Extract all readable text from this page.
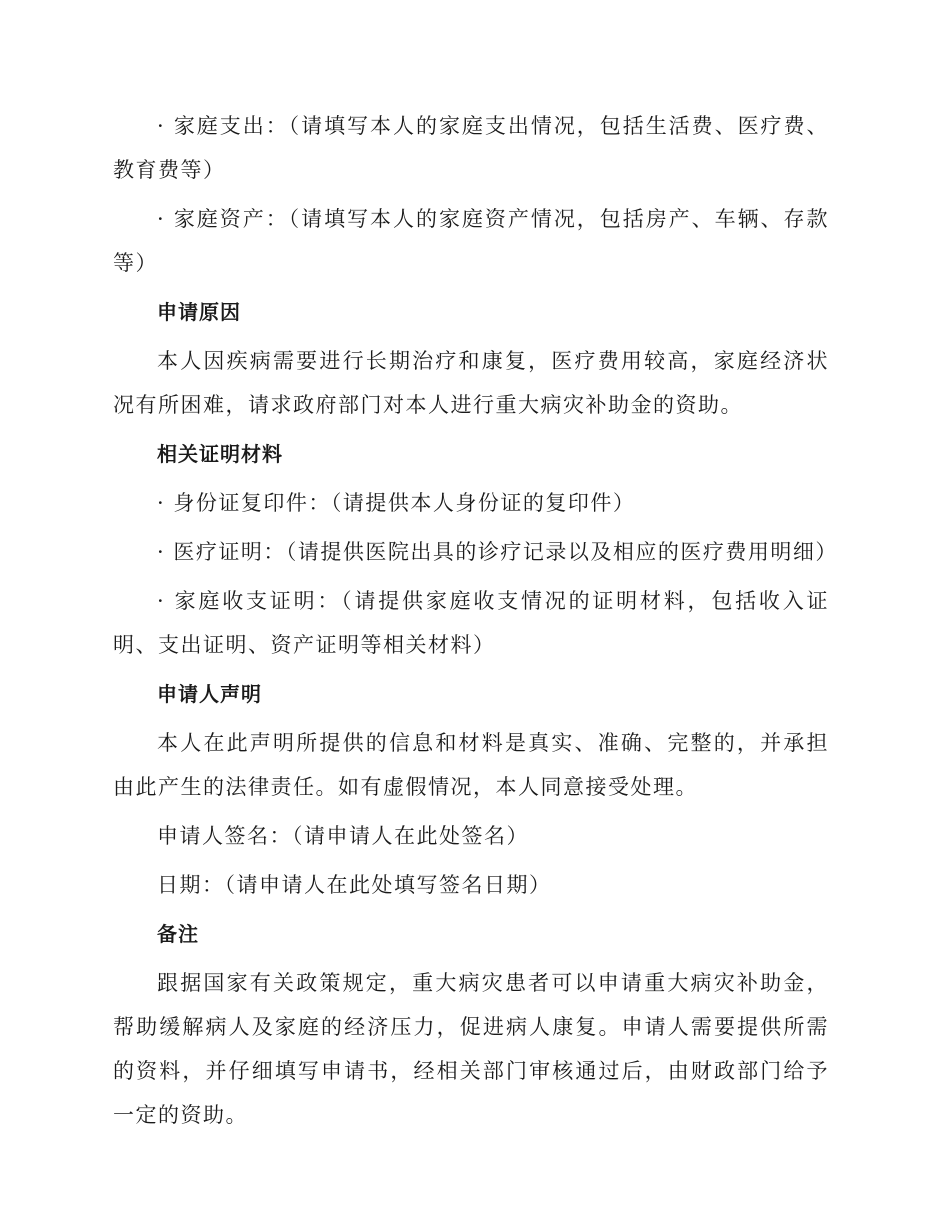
· 家庭支出：（请填写本人的家庭支出情况，包括生活费、医疗费、教育费等）

· 家庭资产：（请填写本人的家庭资产情况，包括房产、车辆、存款等）

申请原因

本人因疾病需要进行长期治疗和康复，医疗费用较高，家庭经济状况有所困难，请求政府部门对本人进行重大病灾补助金的资助。

相关证明材料

· 身份证复印件：（请提供本人身份证的复印件）

· 医疗证明：（请提供医院出具的诊疗记录以及相应的医疗费用明细）

· 家庭收支证明：（请提供家庭收支情况的证明材料，包括收入证明、支出证明、资产证明等相关材料）

申请人声明

本人在此声明所提供的信息和材料是真实、准确、完整的，并承担由此产生的法律责任。如有虚假情况，本人同意接受处理。

申请人签名：（请申请人在此处签名）

日期：（请申请人在此处填写签名日期）

备注

跟据国家有关政策规定，重大病灾患者可以申请重大病灾补助金，帮助缓解病人及家庭的经济压力，促进病人康复。申请人需要提供所需的资料，并仔细填写申请书，经相关部门审核通过后，由财政部门给予一定的资助。
